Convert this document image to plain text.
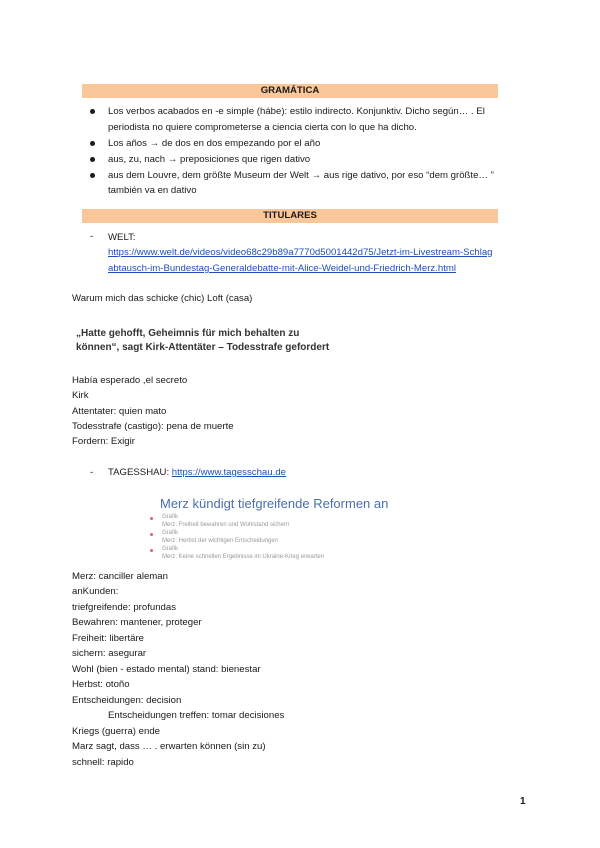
GRAMÁTICA
Los verbos acabados en -e simple (hábe): estilo indirecto. Konjunktiv. Dicho según… . El
periodista no quiere comprometerse a ciencia cierta con lo que ha dicho.
Los años → de dos en dos empezando por el año
aus, zu, nach → preposiciones que rigen dativo
aus dem Louvre, dem größte Museum der Welt → aus rige dativo, por eso “dem größte… ”
también va en dativo
TITULARES
- WELT:
https://www.welt.de/videos/video68c29b89a7770d5001442d75/Jetzt-im-Livestream-Schlag
abtausch-im-Bundestag-Generaldebatte-mit-Alice-Weidel-und-Friedrich-Merz.html
Warum mich das schicke (chic) Loft (casa)
„Hatte gehofft, Geheimnis für mich behalten zu
können“, sagt Kirk-Attentäter – Todesstrafe gefordert
Había esperado ,el secreto
Kirk
Attentater: quien mato
Todesstrafe (castigo): pena de muerte
Fordern: Exigir
- TAGESSHAU: https://www.tagesschau.de
Merz kündigt tiefgreifende Reformen an
Grafik
Merz: Freiheit bewahren und Wohlstand sichern
Grafik
Merz: Herbst der wichtigen Entscheidungen
Grafik
Merz: Keine schnellen Ergebnisse im Ukraine-Krieg erwarten
Merz: canciller aleman
anKunden:
triefgreifende: profundas
Bewahren: mantener, proteger
Freiheit: libertäre
sichern: asegurar
Wohl (bien - estado mental) stand: bienestar
Herbst: otoño
Entscheidungen: decision
Entscheidungen treffen: tomar decisiones
Kriegs (guerra) ende
Marz sagt, dass … . erwarten können (sin zu)
schnell: rapido
1
